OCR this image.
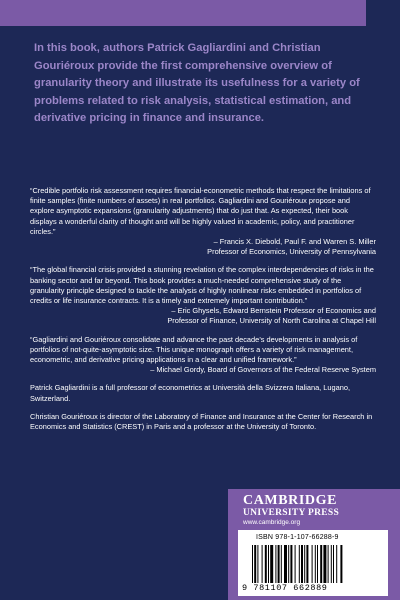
In this book, authors Patrick Gagliardini and Christian Gouriéroux provide the first comprehensive overview of granularity theory and illustrate its usefulness for a variety of problems related to risk analysis, statistical estimation, and derivative pricing in finance and insurance.

“Credible portfolio risk assessment requires financial-econometric methods that respect the limitations of finite samples (finite numbers of assets) in real portfolios. Gagliardini and Gouriéroux propose and explore asymptotic expansions (granularity adjustments) that do just that. As expected, their book displays a wonderful clarity of thought and will be highly valued in academic, policy, and practitioner circles.”

– Francis X. Diebold, Paul F. and Warren S. Miller

Professor of Economics, University of Pennsylvania

“The global financial crisis provided a stunning revelation of the complex interdependencies of risks in the banking sector and far beyond. This book provides a much-needed comprehensive study of the granularity principle designed to tackle the analysis of highly nonlinear risks embedded in portfolios of credits or life insurance contracts. It is a timely and extremely important contribution.”

– Eric Ghysels, Edward Bernstein Professor of Economics and

Professor of Finance, University of North Carolina at Chapel Hill

“Gagliardini and Gouriéroux consolidate and advance the past decade’s developments in analysis of portfolios of not-quite-asymptotic size. This unique monograph offers a variety of risk management, econometric, and derivative pricing applications in a clear and unified framework.”

– Michael Gordy, Board of Governors of the Federal Reserve System

Patrick Gagliardini is a full professor of econometrics at Università della Svizzera Italiana, Lugano, Switzerland.

Christian Gouriéroux is director of the Laboratory of Finance and Insurance at the Center for Research in Economics and Statistics (CREST) in Paris and a professor at the University of Toronto.

CAMBRIDGE
UNIVERSITY PRESS
www.cambridge.org
ISBN 978-1-107-66288-9
9 781107 662889
